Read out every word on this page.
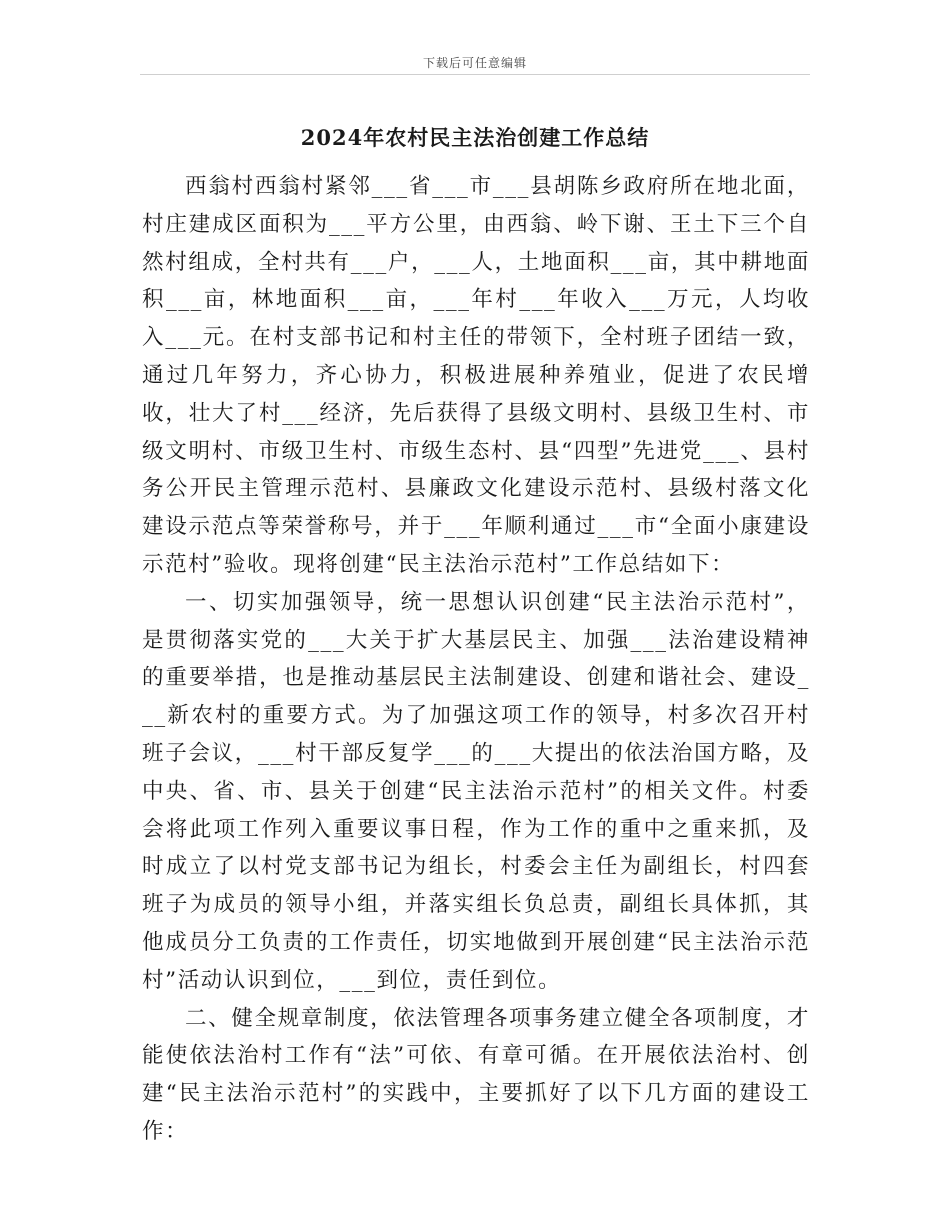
下载后可任意编辑
2024年农村民主法治创建工作总结

西翁村西翁村紧邻___省___市___县胡陈乡政府所在地北面，村庄建成区面积为___平方公里，由西翁、岭下谢、王土下三个自然村组成，全村共有___户，___人，土地面积___亩，其中耕地面积___亩，林地面积___亩，___年村___年收入___万元，人均收入___元。在村支部书记和村主任的带领下，全村班子团结一致，通过几年努力，齐心协力，积极进展种养殖业，促进了农民增收，壮大了村___经济，先后获得了县级文明村、县级卫生村、市级文明村、市级卫生村、市级生态村、县“四型”先进党___、县村务公开民主管理示范村、县廉政文化建设示范村、县级村落文化建设示范点等荣誉称号，并于___年顺利通过___市“全面小康建设示范村”验收。现将创建“民主法治示范村”工作总结如下：

一、切实加强领导，统一思想认识创建“民主法治示范村”，是贯彻落实党的___大关于扩大基层民主、加强___法治建设精神的重要举措，也是推动基层民主法制建设、创建和谐社会、建设___新农村的重要方式。为了加强这项工作的领导，村多次召开村班子会议，___村干部反复学___的___大提出的依法治国方略，及中央、省、市、县关于创建“民主法治示范村”的相关文件。村委会将此项工作列入重要议事日程，作为工作的重中之重来抓，及时成立了以村党支部书记为组长，村委会主任为副组长，村四套班子为成员的领导小组，并落实组长负总责，副组长具体抓，其他成员分工负责的工作责任，切实地做到开展创建“民主法治示范村”活动认识到位，___到位，责任到位。

二、健全规章制度，依法管理各项事务建立健全各项制度，才能使依法治村工作有“法”可依、有章可循。在开展依法治村、创建“民主法治示范村”的实践中，主要抓好了以下几方面的建设工作：
